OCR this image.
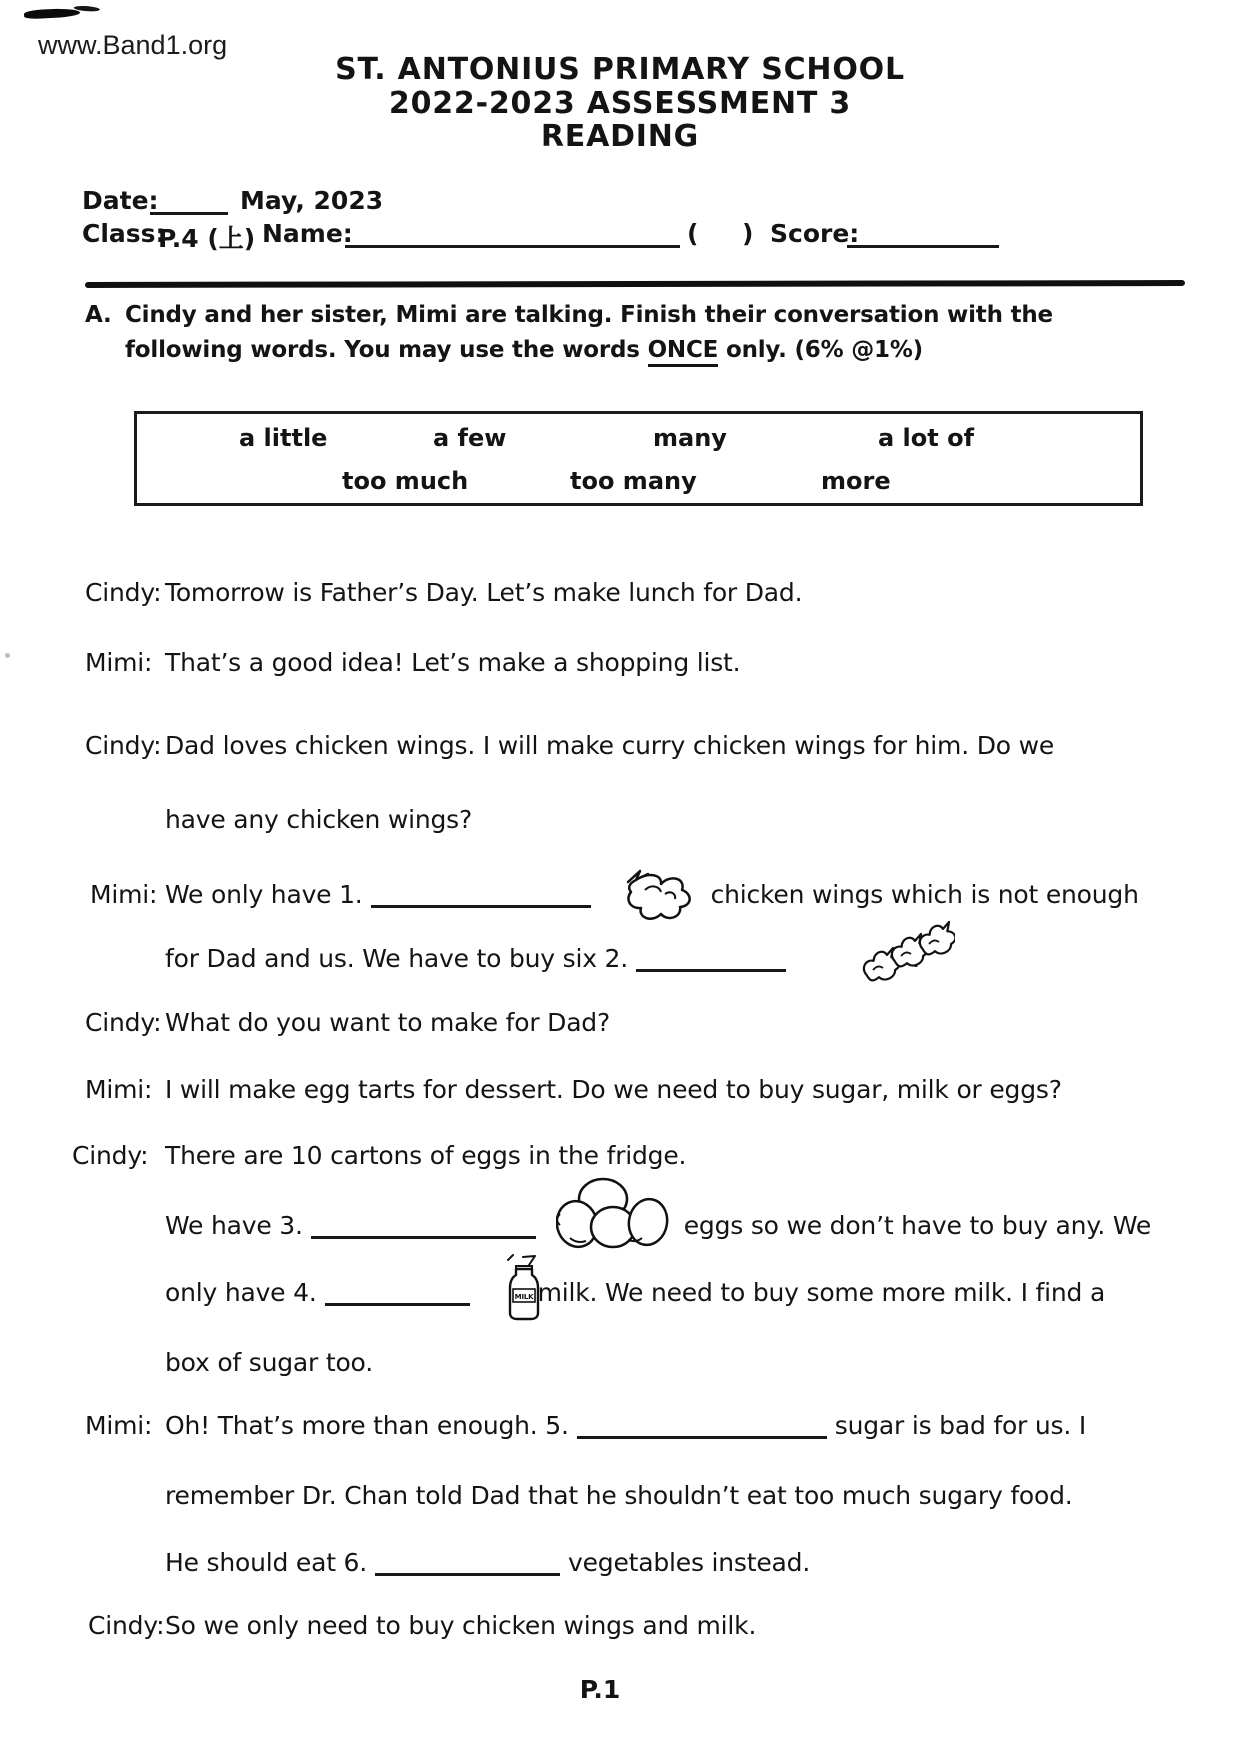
www.Band1.org
ST. ANTONIUS PRIMARY SCHOOL
2022-2023 ASSESSMENT 3
READING
Date:	May, 2023
Class:
P.4 (上) Name:	(     ) Score:
A. Cindy and her sister, Mimi are talking. Finish their conversation with the
following words. You may use the words ONCE only. (6% @1%)
a little	a few	many	a lot of
too much	too many	more
Cindy: Tomorrow is Father’s Day. Let’s make lunch for Dad.
Mimi: That’s a good idea! Let’s make a shopping list.
Cindy: Dad loves chicken wings. I will make curry chicken wings for him. Do we
have any chicken wings?
Mimi: We only have 1.	chicken wings which is not enough
for Dad and us. We have to buy six 2.
Cindy: What do you want to make for Dad?
Mimi: I will make egg tarts for dessert. Do we need to buy sugar, milk or eggs?
Cindy: There are 10 cartons of eggs in the fridge.
We have 3.	eggs so we don’t have to buy any. We
only have 4.	milk. We need to buy some more milk. I find a
MILK
box of sugar too.
Mimi: Oh! That’s more than enough. 5.	sugar is bad for us. I
remember Dr. Chan told Dad that he shouldn’t eat too much sugary food.
He should eat 6.	vegetables instead.
Cindy: So we only need to buy chicken wings and milk.
P.1
